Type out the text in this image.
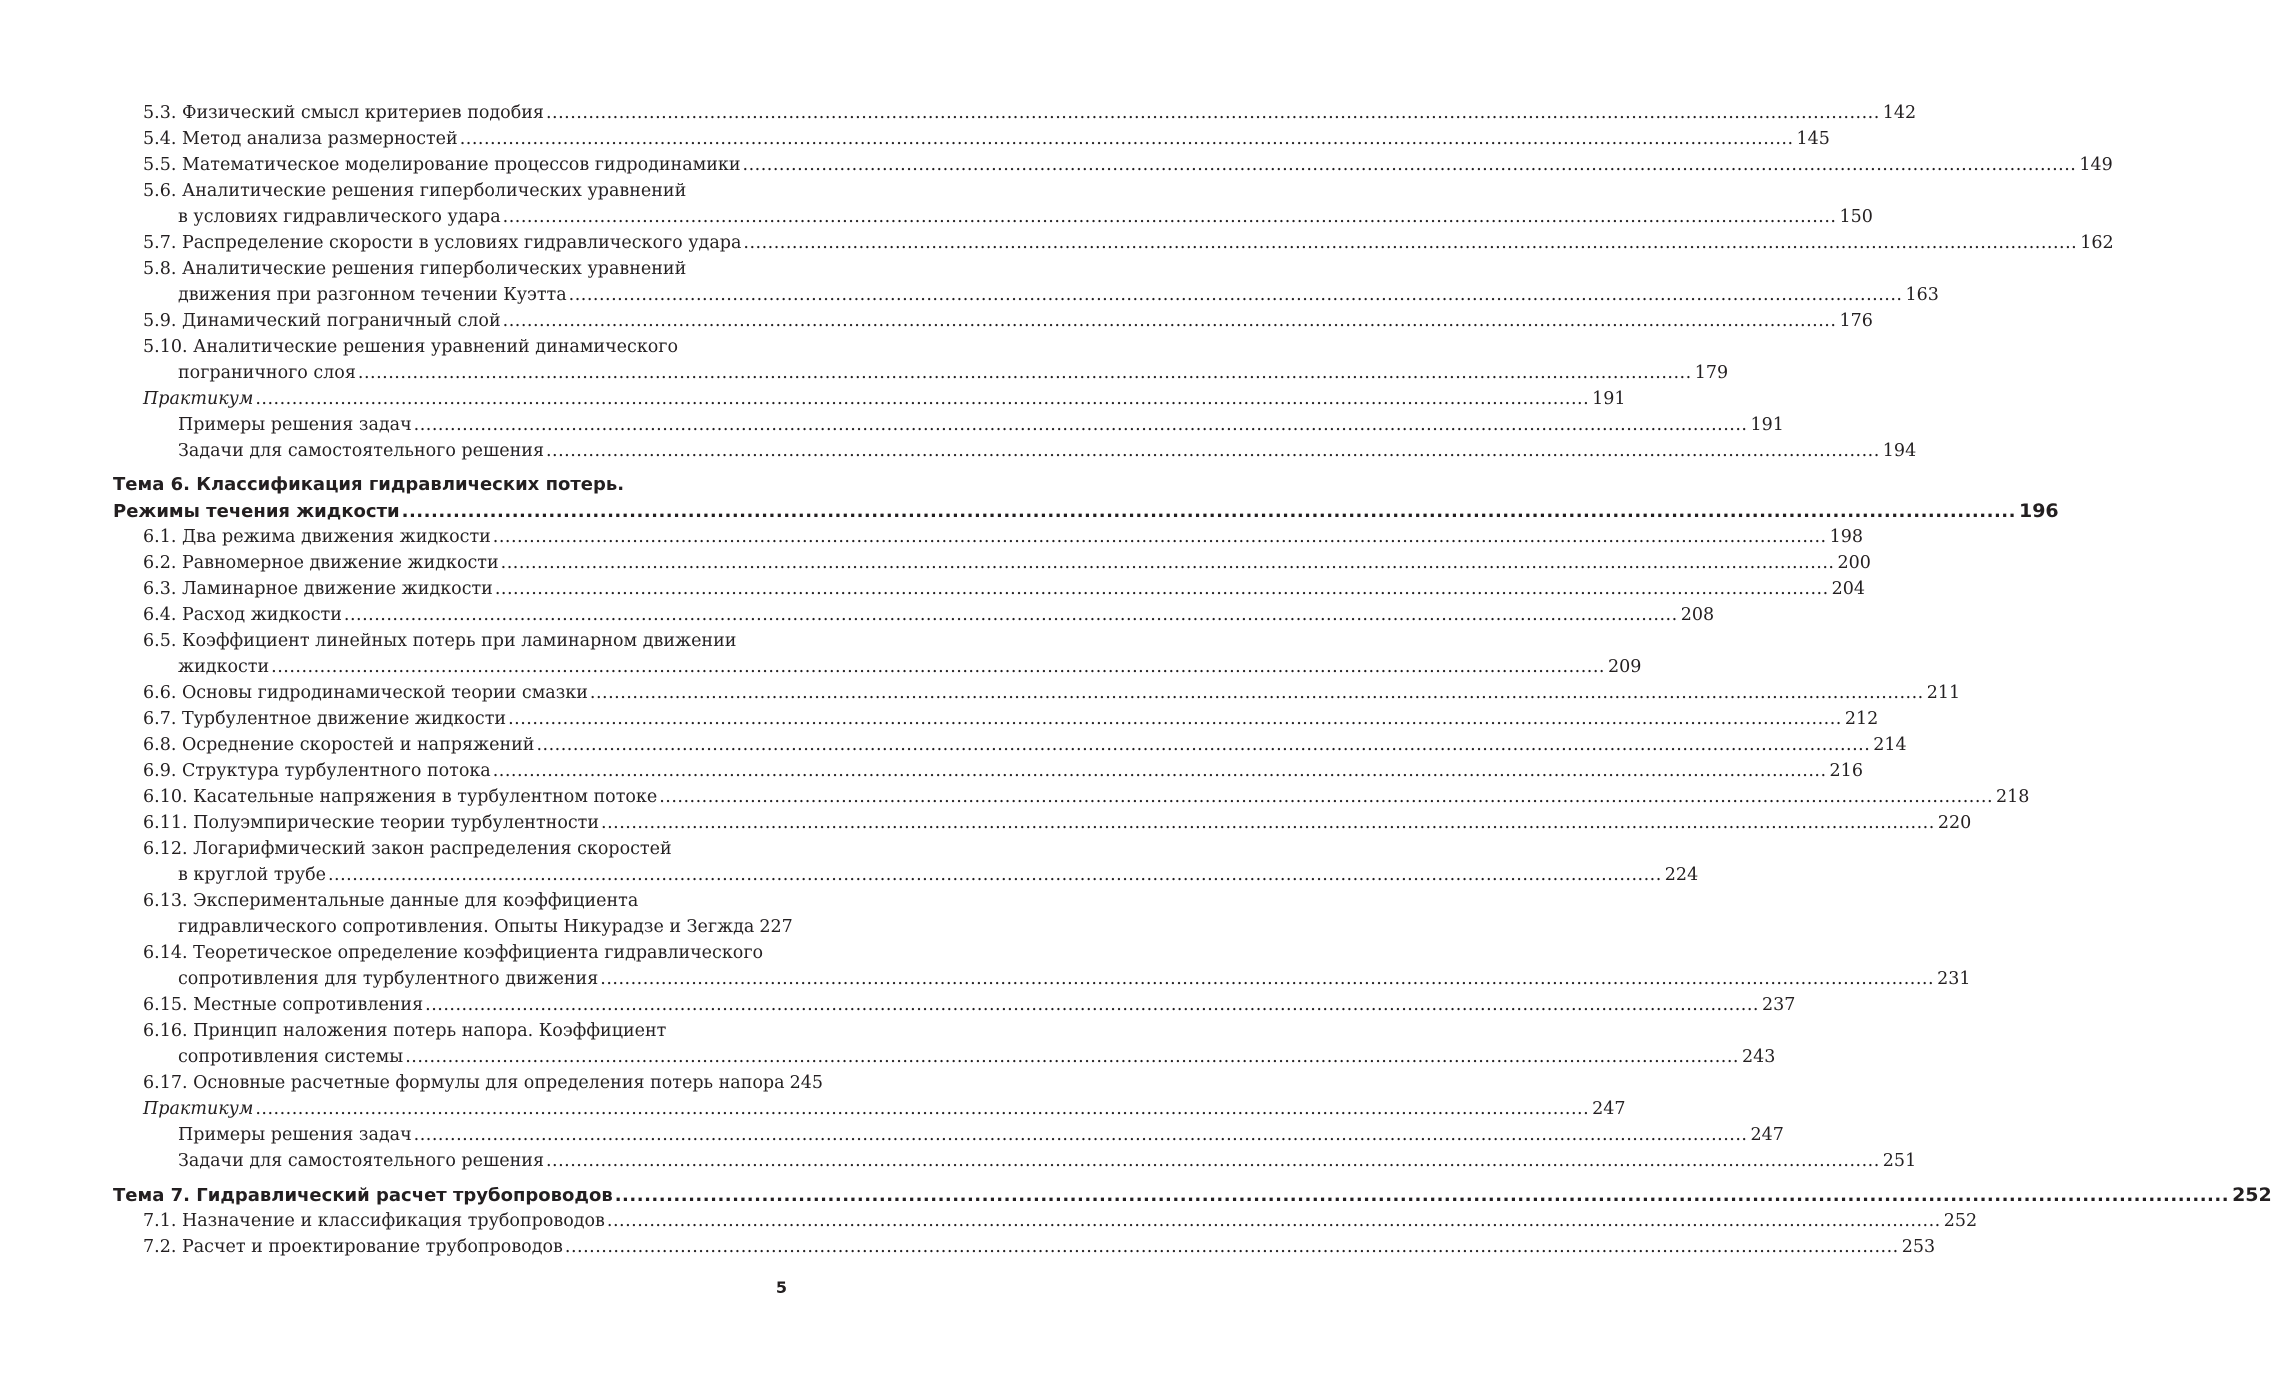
5.3. Физический смысл критериев подобия ............................................................................................................................................................................................................................ 142
5.4. Метод анализа размерностей ............................................................................................................................................................................................................................ 145
5.5. Математическое моделирование процессов гидродинамики ............................................................................................................................................................................................................................ 149
5.6. Аналитические решения гиперболических уравнений
в условиях гидравлического удара ............................................................................................................................................................................................................................ 150
5.7. Распределение скорости в условиях гидравлического удара ............................................................................................................................................................................................................................ 162
5.8. Аналитические решения гиперболических уравнений
движения при разгонном течении Куэтта ............................................................................................................................................................................................................................ 163
5.9. Динамический пограничный слой ............................................................................................................................................................................................................................ 176
5.10. Аналитические решения уравнений динамического
пограничного слоя ............................................................................................................................................................................................................................ 179
Практикум ............................................................................................................................................................................................................................ 191
Примеры решения задач ............................................................................................................................................................................................................................ 191
Задачи для самостоятельного решения ............................................................................................................................................................................................................................ 194
Тема 6. Классификация гидравлических потерь.
Режимы течения жидкости ............................................................................................................................................................................................................................ 196
6.1. Два режима движения жидкости ............................................................................................................................................................................................................................ 198
6.2. Равномерное движение жидкости ............................................................................................................................................................................................................................ 200
6.3. Ламинарное движение жидкости ............................................................................................................................................................................................................................ 204
6.4. Расход жидкости ............................................................................................................................................................................................................................ 208
6.5. Коэффициент линейных потерь при ламинарном движении
жидкости ............................................................................................................................................................................................................................ 209
6.6. Основы гидродинамической теории смазки ............................................................................................................................................................................................................................ 211
6.7. Турбулентное движение жидкости ............................................................................................................................................................................................................................ 212
6.8. Осреднение скоростей и напряжений ............................................................................................................................................................................................................................ 214
6.9. Структура турбулентного потока ............................................................................................................................................................................................................................ 216
6.10. Касательные напряжения в турбулентном потоке ............................................................................................................................................................................................................................ 218
6.11. Полуэмпирические теории турбулентности ............................................................................................................................................................................................................................ 220
6.12. Логарифмический закон распределения скоростей
в круглой трубе ............................................................................................................................................................................................................................ 224
6.13. Экспериментальные данные для коэффициента
гидравлического сопротивления. Опыты Никурадзе и Зегжда 227
6.14. Теоретическое определение коэффициента гидравлического
сопротивления для турбулентного движения ............................................................................................................................................................................................................................ 231
6.15. Местные сопротивления ............................................................................................................................................................................................................................ 237
6.16. Принцип наложения потерь напора. Коэффициент
сопротивления системы ............................................................................................................................................................................................................................ 243
6.17. Основные расчетные формулы для определения потерь напора 245
Практикум ............................................................................................................................................................................................................................ 247
Примеры решения задач ............................................................................................................................................................................................................................ 247
Задачи для самостоятельного решения ............................................................................................................................................................................................................................ 251
Тема 7. Гидравлический расчет трубопроводов ............................................................................................................................................................................................................................ 252
7.1. Назначение и классификация трубопроводов ............................................................................................................................................................................................................................ 252
7.2. Расчет и проектирование трубопроводов ............................................................................................................................................................................................................................ 253
5
